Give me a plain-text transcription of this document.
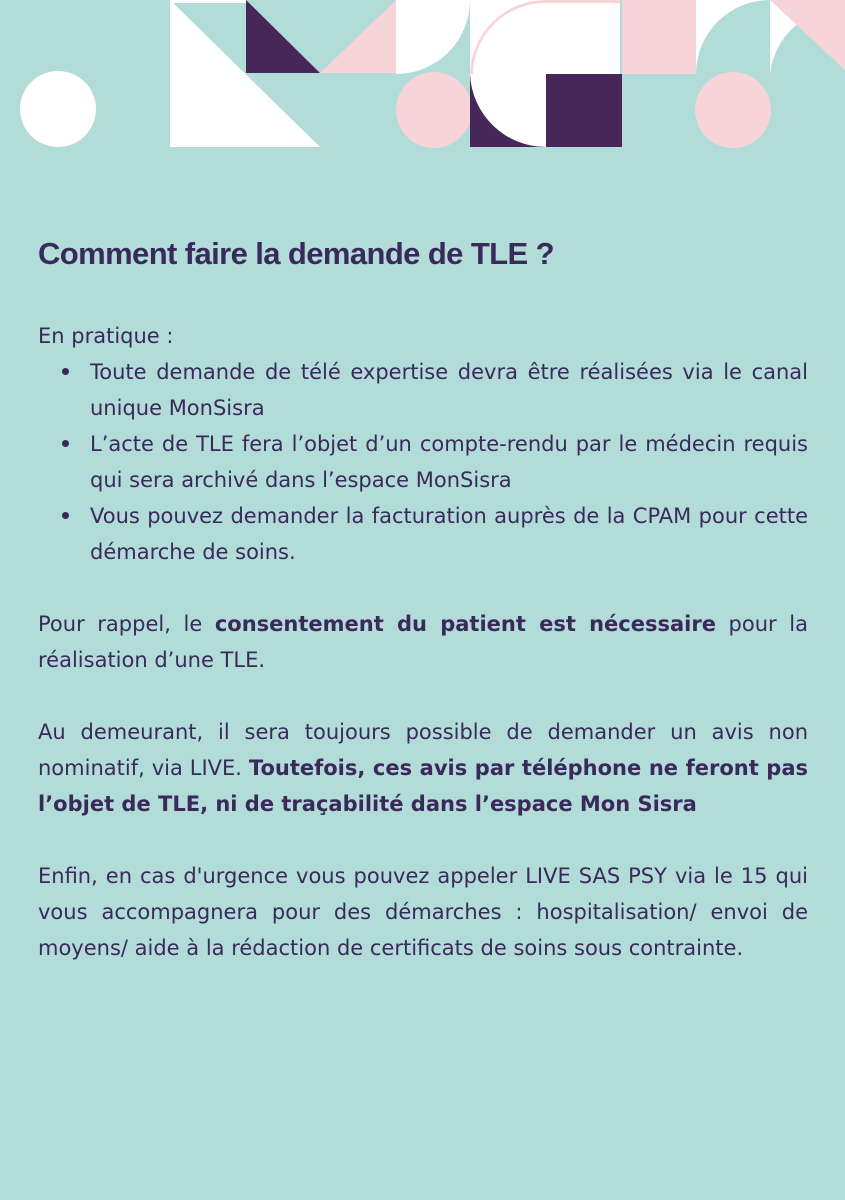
Comment faire la demande de TLE ?

En pratique :

Toute demande de télé expertise devra être réalisées via le canal unique MonSisra
L’acte de TLE fera l’objet d’un compte-rendu par le médecin requis qui sera archivé dans l’espace MonSisra
Vous pouvez demander la facturation auprès de la CPAM pour cette démarche de soins.

Pour rappel, le consentement du patient est nécessaire pour la réalisation d’une TLE.

Au demeurant, il sera toujours possible de demander un avis non nominatif, via LIVE. Toutefois, ces avis par téléphone ne feront pas l’objet de TLE, ni de traçabilité dans l’espace Mon Sisra

Enfin, en cas d'urgence vous pouvez appeler LIVE SAS PSY via le 15 qui vous accompagnera pour des démarches : hospitalisation/ envoi de moyens/ aide à la rédaction de certificats de soins sous contrainte.
